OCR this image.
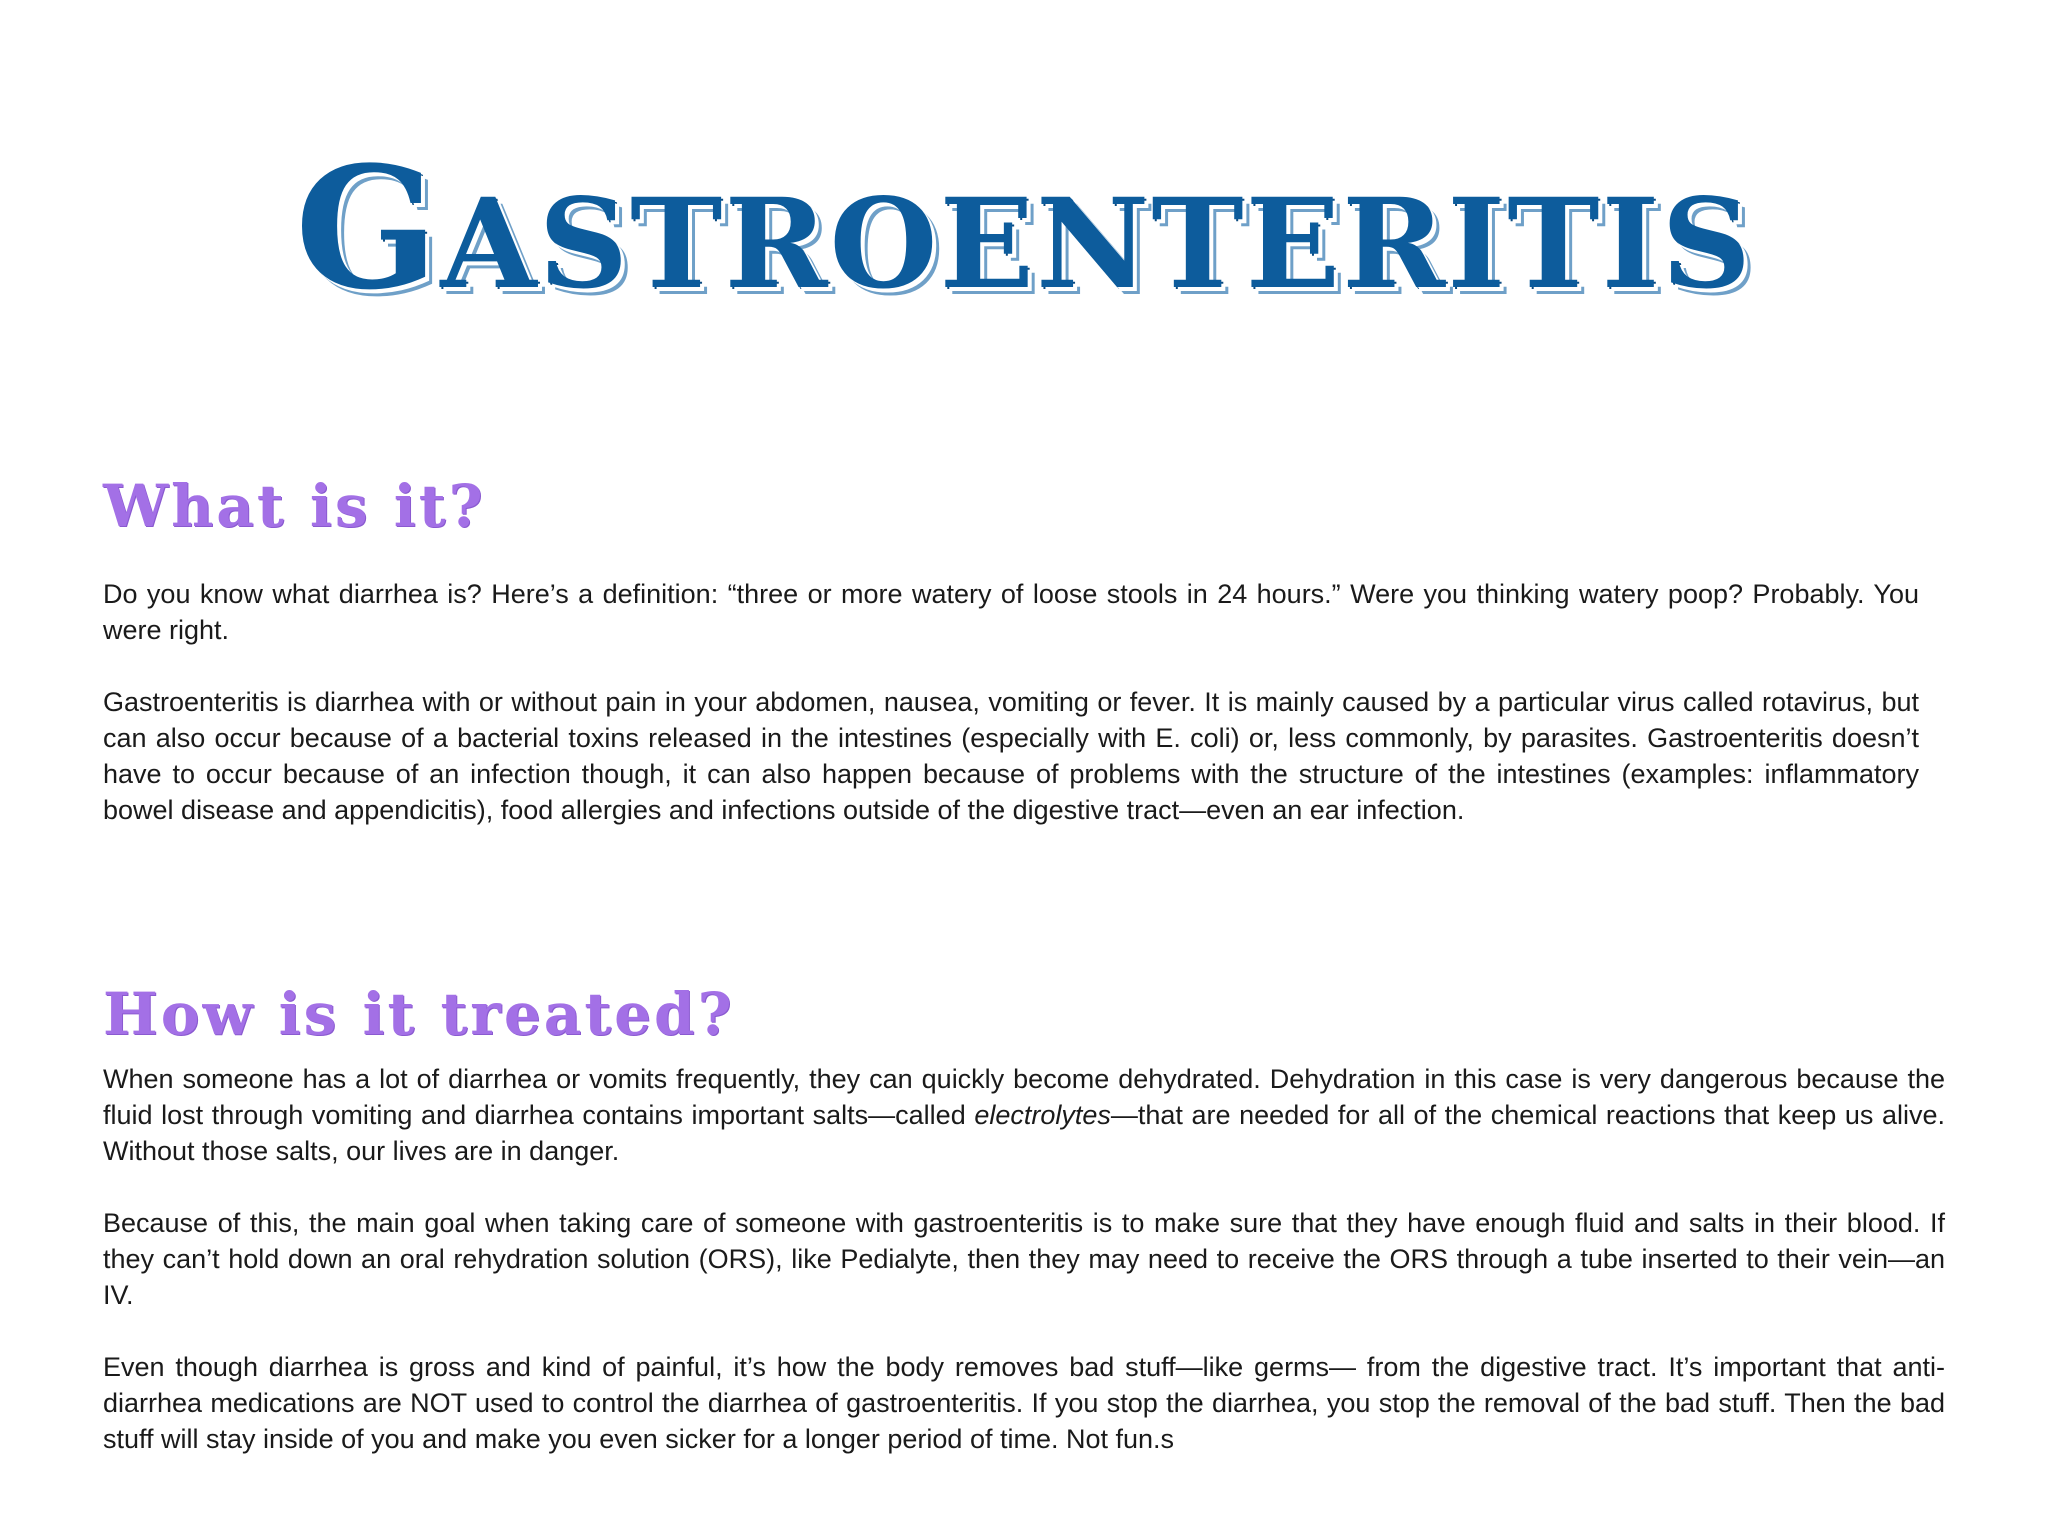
GASTROENTERITIS
What is it?

Do you know what diarrhea is? Here’s a definition: “three or more watery of loose stools in 24 hours.” Were you thinking watery poop? Probably. You were right.

Gastroenteritis is diarrhea with or without pain in your abdomen, nausea, vomiting or fever. It is mainly caused by a particular virus called rotavirus, but can also occur because of a bacterial toxins released in the intestines (especially with E. coli) or, less commonly, by parasites. Gastroenteritis doesn’t have to occur because of an infection though, it can also happen because of problems with the structure of the intestines (examples: inflammatory bowel disease and appendicitis), food allergies and infections outside of the digestive tract—even an ear infection.

How is it treated?

When someone has a lot of diarrhea or vomits frequently, they can quickly become dehydrated. Dehydration in this case is very dangerous because the fluid lost through vomiting and diarrhea contains important salts—called electrolytes—that are needed for all of the chemical reactions that keep us alive. Without those salts, our lives are in danger.

Because of this, the main goal when taking care of someone with gastroenteritis is to make sure that they have enough fluid and salts in their blood. If they can’t hold down an oral rehydration solution (ORS), like Pedialyte, then they may need to receive the ORS through a tube inserted to their vein—an IV.

Even though diarrhea is gross and kind of painful, it’s how the body removes bad stuff—like germs— from the digestive tract. It’s important that anti-diarrhea medications are NOT used to control the diarrhea of gastroenteritis. If you stop the diarrhea, you stop the removal of the bad stuff. Then the bad stuff will stay inside of you and make you even sicker for a longer period of time. Not fun.s
